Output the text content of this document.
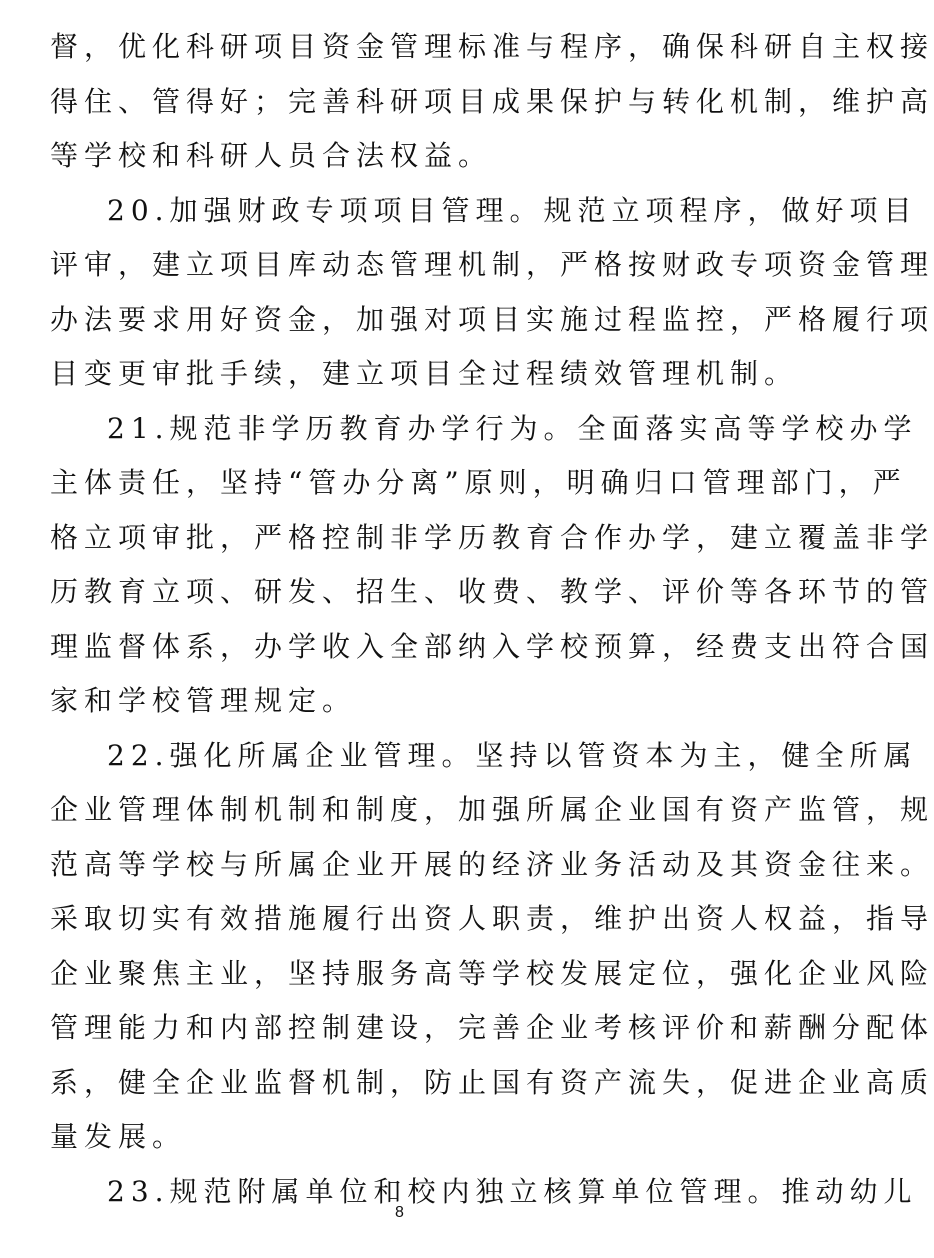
督，优化科研项目资金管理标准与程序，确保科研自主权接
得住、管得好；完善科研项目成果保护与转化机制，维护高
等学校和科研人员合法权益。
20.加强财政专项项目管理。规范立项程序，做好项目
评审，建立项目库动态管理机制，严格按财政专项资金管理
办法要求用好资金，加强对项目实施过程监控，严格履行项
目变更审批手续，建立项目全过程绩效管理机制。
21.规范非学历教育办学行为。全面落实高等学校办学
主体责任，坚持“管办分离”原则，明确归口管理部门，严
格立项审批，严格控制非学历教育合作办学，建立覆盖非学
历教育立项、研发、招生、收费、教学、评价等各环节的管
理监督体系，办学收入全部纳入学校预算，经费支出符合国
家和学校管理规定。
22.强化所属企业管理。坚持以管资本为主，健全所属
企业管理体制机制和制度，加强所属企业国有资产监管，规
范高等学校与所属企业开展的经济业务活动及其资金往来。
采取切实有效措施履行出资人职责，维护出资人权益，指导
企业聚焦主业，坚持服务高等学校发展定位，强化企业风险
管理能力和内部控制建设，完善企业考核评价和薪酬分配体
系，健全企业监督机制，防止国有资产流失，促进企业高质
量发展。
23.规范附属单位和校内独立核算单位管理。推动幼儿
8
